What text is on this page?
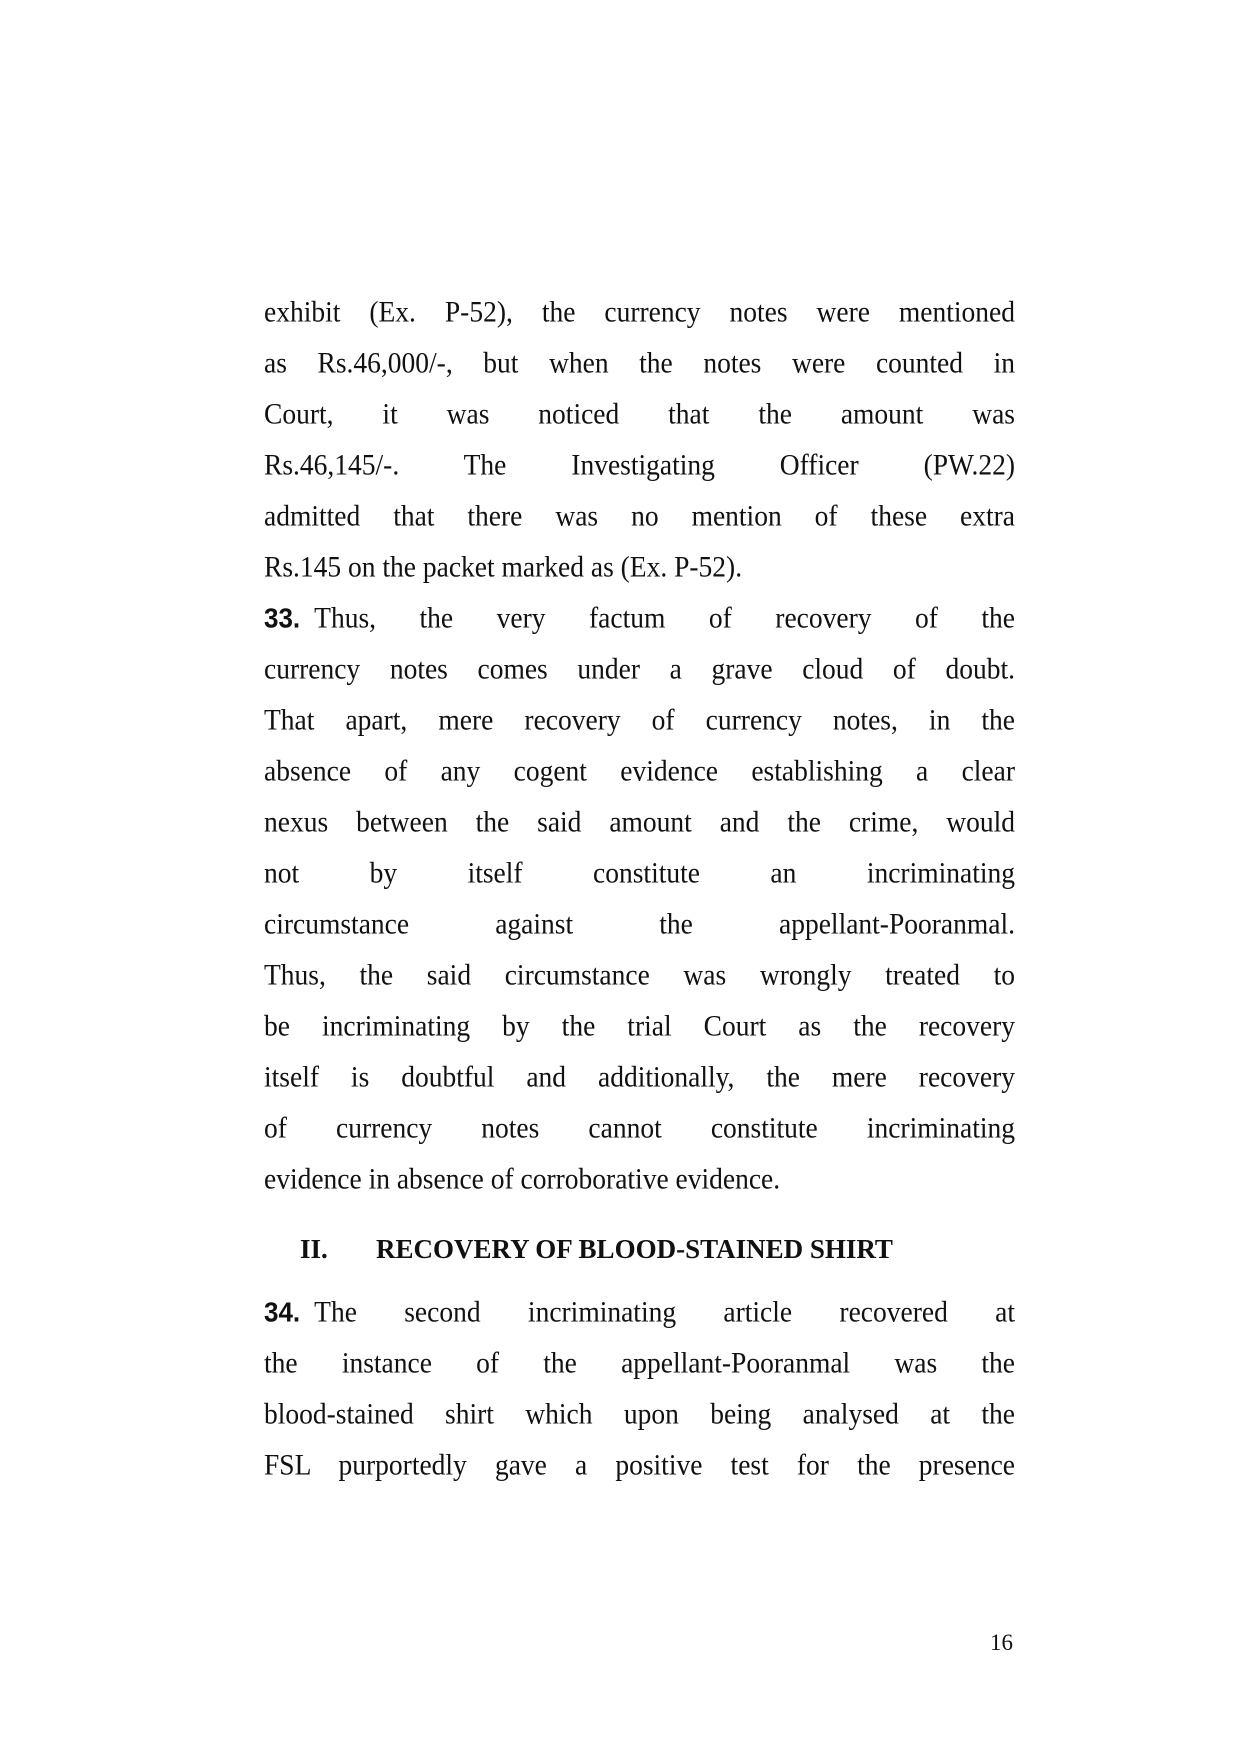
exhibit (Ex. P-52), the currency notes were mentioned
as Rs.46,000/-, but when the notes were counted in
Court, it was noticed that the amount was
Rs.46,145/-. The Investigating Officer (PW.22)
admitted that there was no mention of these extra
Rs.145 on the packet marked as (Ex. P-52).
33. Thus, the very factum of recovery of the
currency notes comes under a grave cloud of doubt.
That apart, mere recovery of currency notes, in the
absence of any cogent evidence establishing a clear
nexus between the said amount and the crime, would
not by itself constitute an incriminating
circumstance against the appellant-Pooranmal.
Thus, the said circumstance was wrongly treated to
be incriminating by the trial Court as the recovery
itself is doubtful and additionally, the mere recovery
of currency notes cannot constitute incriminating
evidence in absence of corroborative evidence.
II. RECOVERY OF BLOOD-STAINED SHIRT
34. The second incriminating article recovered at
the instance of the appellant-Pooranmal was the
blood-stained shirt which upon being analysed at the
FSL purportedly gave a positive test for the presence
16
